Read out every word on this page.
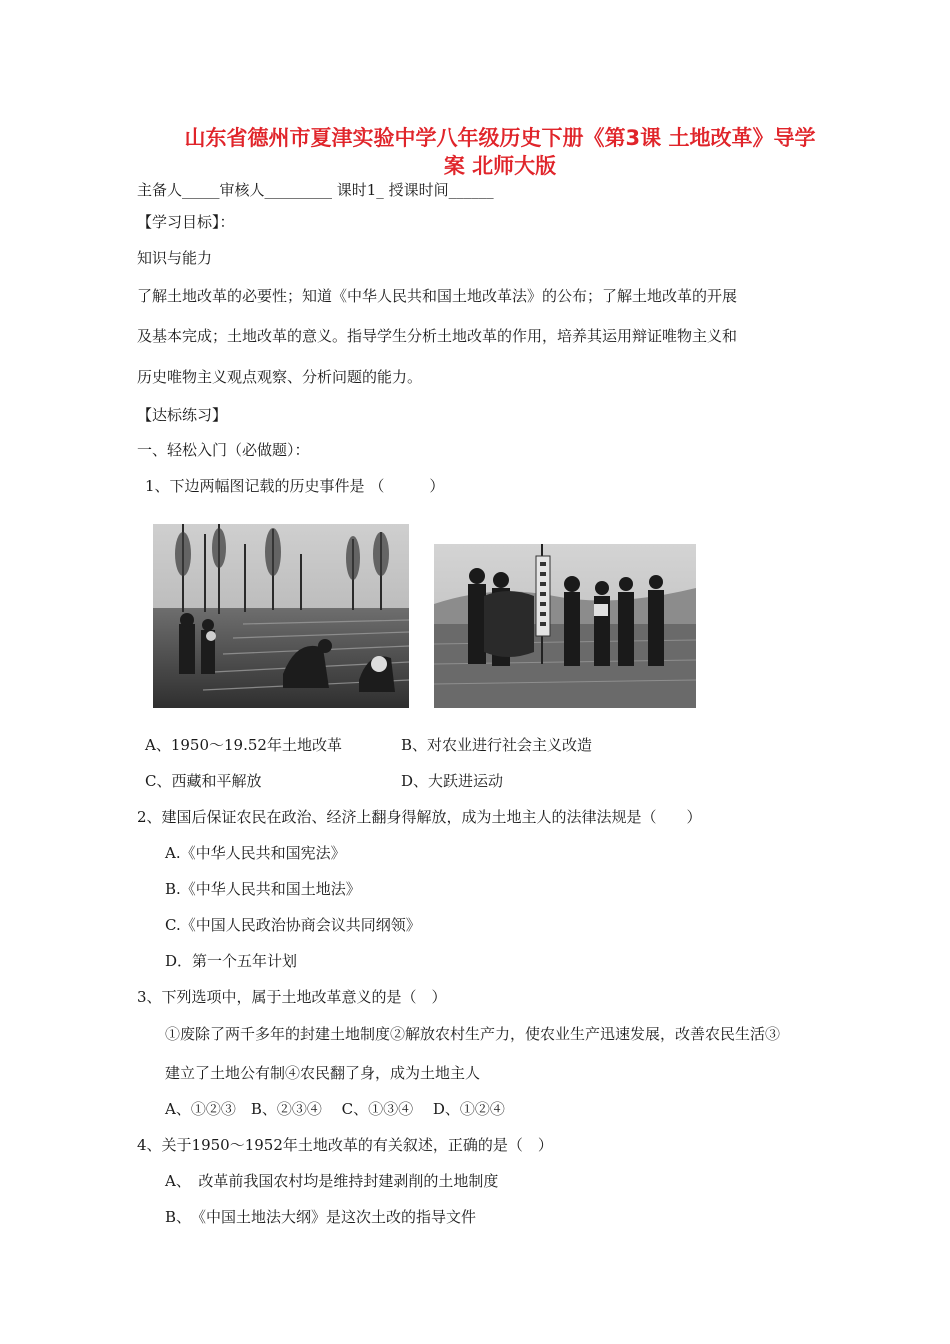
山东省德州市夏津实验中学八年级历史下册《第3课 土地改革》导学

案 北师大版

主备人_____审核人_________ 课时1_ 授课时间______
【学习目标】：
知识与能力
了解土地改革的必要性；知道《中华人民共和国土地改革法》的公布；了解土地改革的开展
及基本完成；土地改革的意义。指导学生分析土地改革的作用，培养其运用辩证唯物主义和
历史唯物主义观点观察、分析问题的能力。
【达标练习】
一、轻松入门（必做题）：
1、下边两幅图记载的历史事件是 （　　　）
A、1950～19.52年土地改革	B、对农业进行社会主义改造
C、西藏和平解放	D、大跃进运动
2、建国后保证农民在政治、经济上翻身得解放，成为土地主人的法律法规是（　　）
A.《中华人民共和国宪法》
B.《中华人民共和国土地法》
C.《中国人民政治协商会议共同纲领》
D．第一个五年计划
3、下列选项中，属于土地改革意义的是（　）
①废除了两千多年的封建土地制度②解放农村生产力，使农业生产迅速发展，改善农民生活③
建立了土地公有制④农民翻了身，成为土地主人
A、①②③　B、②③④　 C、①③④　 D、①②④
4、关于1950～1952年土地改革的有关叙述，正确的是（　）
A、　改革前我国农村均是维持封建剥削的土地制度
B、　《中国土地法大纲》是这次土改的指导文件
